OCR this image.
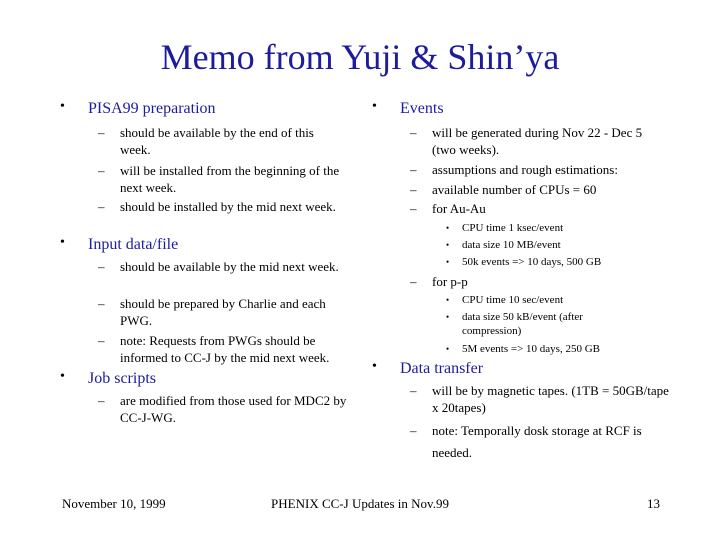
Memo from Yuji & Shin’ya
• PISA99 preparation
– should be available by the end of this week.
– will be installed from the beginning of the next week.
– should be installed by the mid next week.
• Input data/file
– should be available by the mid next week.
– should be prepared by Charlie and each PWG.
– note: Requests from PWGs should be informed to CC-J by the mid next week.
• Job scripts
– are modified from those used for MDC2 by CC-J-WG.
• Events
– will be generated during Nov 22 - Dec 5 (two weeks).
– assumptions and rough estimations:
– available number of CPUs = 60
– for Au-Au
• CPU time 1 ksec/event
• data size 10 MB/event
• 50k events => 10 days, 500 GB
– for p-p
• CPU time 10 sec/event
• data size 50 kB/event (after compression)
• 5M events => 10 days, 250 GB
• Data transfer
– will be by magnetic tapes. (1TB = 50GB/tape x 20tapes)
– note: Temporally dosk storage at RCF is needed.
November 10, 1999	PHENIX CC-J Updates in Nov.99	13
